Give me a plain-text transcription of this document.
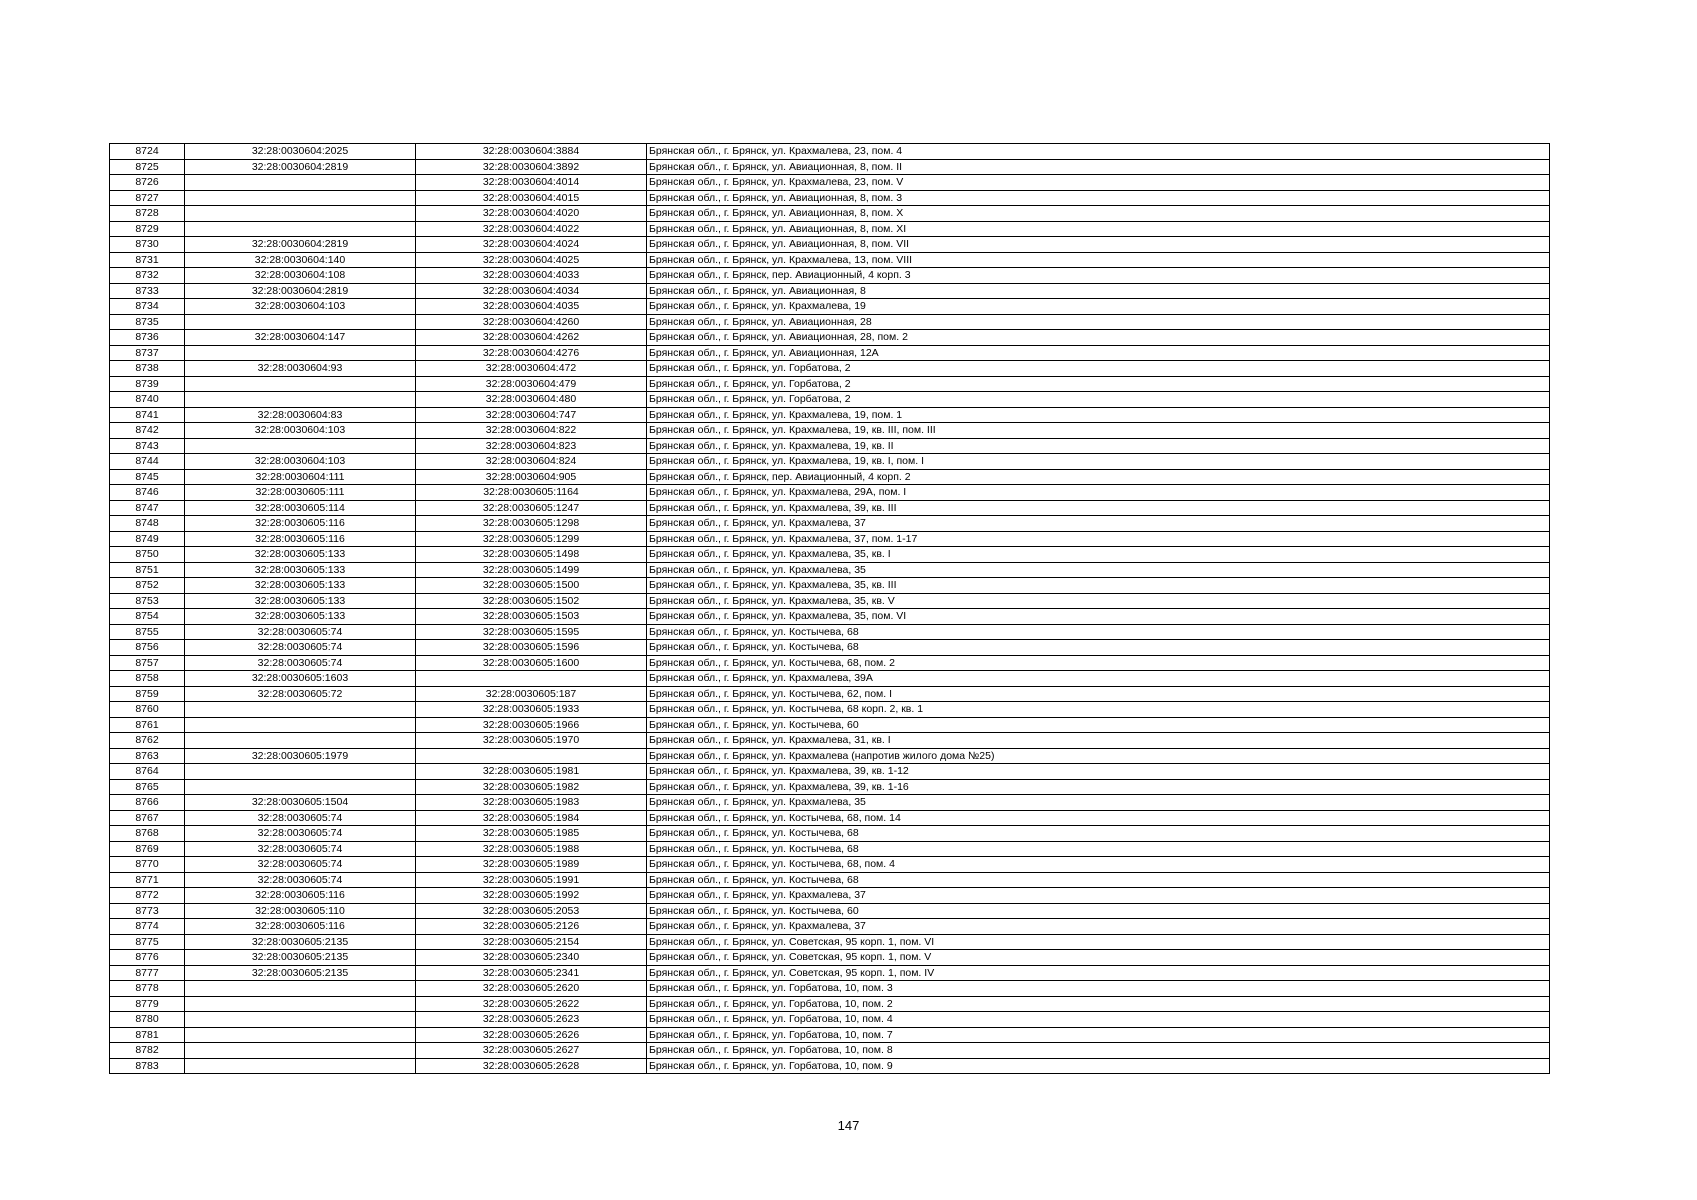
8724	32:28:0030604:2025	32:28:0030604:3884	Брянская обл., г. Брянск, ул. Крахмалева, 23, пом. 4
8725	32:28:0030604:2819	32:28:0030604:3892	Брянская обл., г. Брянск, ул. Авиационная, 8, пом. II
8726		32:28:0030604:4014	Брянская обл., г. Брянск, ул. Крахмалева, 23, пом. V
8727		32:28:0030604:4015	Брянская обл., г. Брянск, ул. Авиационная, 8, пом. 3
8728		32:28:0030604:4020	Брянская обл., г. Брянск, ул. Авиационная, 8, пом. X
8729		32:28:0030604:4022	Брянская обл., г. Брянск, ул. Авиационная, 8, пом. XI
8730	32:28:0030604:2819	32:28:0030604:4024	Брянская обл., г. Брянск, ул. Авиационная, 8, пом. VII
8731	32:28:0030604:140	32:28:0030604:4025	Брянская обл., г. Брянск, ул. Крахмалева, 13, пом. VIII
8732	32:28:0030604:108	32:28:0030604:4033	Брянская обл., г. Брянск, пер. Авиационный, 4 корп. 3
8733	32:28:0030604:2819	32:28:0030604:4034	Брянская обл., г. Брянск, ул. Авиационная, 8
8734	32:28:0030604:103	32:28:0030604:4035	Брянская обл., г. Брянск, ул. Крахмалева, 19
8735		32:28:0030604:4260	Брянская обл., г. Брянск, ул. Авиационная, 28
8736	32:28:0030604:147	32:28:0030604:4262	Брянская обл., г. Брянск, ул. Авиационная, 28, пом. 2
8737		32:28:0030604:4276	Брянская обл., г. Брянск, ул. Авиационная, 12А
8738	32:28:0030604:93	32:28:0030604:472	Брянская обл., г. Брянск, ул. Горбатова, 2
8739		32:28:0030604:479	Брянская обл., г. Брянск, ул. Горбатова, 2
8740		32:28:0030604:480	Брянская обл., г. Брянск, ул. Горбатова, 2
8741	32:28:0030604:83	32:28:0030604:747	Брянская обл., г. Брянск, ул. Крахмалева, 19, пом. 1
8742	32:28:0030604:103	32:28:0030604:822	Брянская обл., г. Брянск, ул. Крахмалева, 19, кв. III, пом. III
8743		32:28:0030604:823	Брянская обл., г. Брянск, ул. Крахмалева, 19, кв. II
8744	32:28:0030604:103	32:28:0030604:824	Брянская обл., г. Брянск, ул. Крахмалева, 19, кв. I, пом. I
8745	32:28:0030604:111	32:28:0030604:905	Брянская обл., г. Брянск, пер. Авиационный, 4 корп. 2
8746	32:28:0030605:111	32:28:0030605:1164	Брянская обл., г. Брянск, ул. Крахмалева, 29А, пом. I
8747	32:28:0030605:114	32:28:0030605:1247	Брянская обл., г. Брянск, ул. Крахмалева, 39, кв. III
8748	32:28:0030605:116	32:28:0030605:1298	Брянская обл., г. Брянск, ул. Крахмалева, 37
8749	32:28:0030605:116	32:28:0030605:1299	Брянская обл., г. Брянск, ул. Крахмалева, 37, пом. 1-17
8750	32:28:0030605:133	32:28:0030605:1498	Брянская обл., г. Брянск, ул. Крахмалева, 35, кв. I
8751	32:28:0030605:133	32:28:0030605:1499	Брянская обл., г. Брянск, ул. Крахмалева, 35
8752	32:28:0030605:133	32:28:0030605:1500	Брянская обл., г. Брянск, ул. Крахмалева, 35, кв. III
8753	32:28:0030605:133	32:28:0030605:1502	Брянская обл., г. Брянск, ул. Крахмалева, 35, кв. V
8754	32:28:0030605:133	32:28:0030605:1503	Брянская обл., г. Брянск, ул. Крахмалева, 35, пом. VI
8755	32:28:0030605:74	32:28:0030605:1595	Брянская обл., г. Брянск, ул. Костычева, 68
8756	32:28:0030605:74	32:28:0030605:1596	Брянская обл., г. Брянск, ул. Костычева, 68
8757	32:28:0030605:74	32:28:0030605:1600	Брянская обл., г. Брянск, ул. Костычева, 68, пом. 2
8758	32:28:0030605:1603		Брянская обл., г. Брянск, ул. Крахмалева, 39А
8759	32:28:0030605:72	32:28:0030605:187	Брянская обл., г. Брянск, ул. Костычева, 62, пом. I
8760		32:28:0030605:1933	Брянская обл., г. Брянск, ул. Костычева, 68 корп. 2, кв. 1
8761		32:28:0030605:1966	Брянская обл., г. Брянск, ул. Костычева, 60
8762		32:28:0030605:1970	Брянская обл., г. Брянск, ул. Крахмалева, 31, кв. I
8763	32:28:0030605:1979		Брянская обл., г. Брянск, ул. Крахмалева (напротив жилого дома №25)
8764		32:28:0030605:1981	Брянская обл., г. Брянск, ул. Крахмалева, 39, кв. 1-12
8765		32:28:0030605:1982	Брянская обл., г. Брянск, ул. Крахмалева, 39, кв. 1-16
8766	32:28:0030605:1504	32:28:0030605:1983	Брянская обл., г. Брянск, ул. Крахмалева, 35
8767	32:28:0030605:74	32:28:0030605:1984	Брянская обл., г. Брянск, ул. Костычева, 68, пом. 14
8768	32:28:0030605:74	32:28:0030605:1985	Брянская обл., г. Брянск, ул. Костычева, 68
8769	32:28:0030605:74	32:28:0030605:1988	Брянская обл., г. Брянск, ул. Костычева, 68
8770	32:28:0030605:74	32:28:0030605:1989	Брянская обл., г. Брянск, ул. Костычева, 68, пом. 4
8771	32:28:0030605:74	32:28:0030605:1991	Брянская обл., г. Брянск, ул. Костычева, 68
8772	32:28:0030605:116	32:28:0030605:1992	Брянская обл., г. Брянск, ул. Крахмалева, 37
8773	32:28:0030605:110	32:28:0030605:2053	Брянская обл., г. Брянск, ул. Костычева, 60
8774	32:28:0030605:116	32:28:0030605:2126	Брянская обл., г. Брянск, ул. Крахмалева, 37
8775	32:28:0030605:2135	32:28:0030605:2154	Брянская обл., г. Брянск, ул. Советская, 95 корп. 1, пом. VI
8776	32:28:0030605:2135	32:28:0030605:2340	Брянская обл., г. Брянск, ул. Советская, 95 корп. 1, пом. V
8777	32:28:0030605:2135	32:28:0030605:2341	Брянская обл., г. Брянск, ул. Советская, 95 корп. 1, пом. IV
8778		32:28:0030605:2620	Брянская обл., г. Брянск, ул. Горбатова, 10, пом. 3
8779		32:28:0030605:2622	Брянская обл., г. Брянск, ул. Горбатова, 10, пом. 2
8780		32:28:0030605:2623	Брянская обл., г. Брянск, ул. Горбатова, 10, пом. 4
8781		32:28:0030605:2626	Брянская обл., г. Брянск, ул. Горбатова, 10, пом. 7
8782		32:28:0030605:2627	Брянская обл., г. Брянск, ул. Горбатова, 10, пом. 8
8783		32:28:0030605:2628	Брянская обл., г. Брянск, ул. Горбатова, 10, пом. 9
147
